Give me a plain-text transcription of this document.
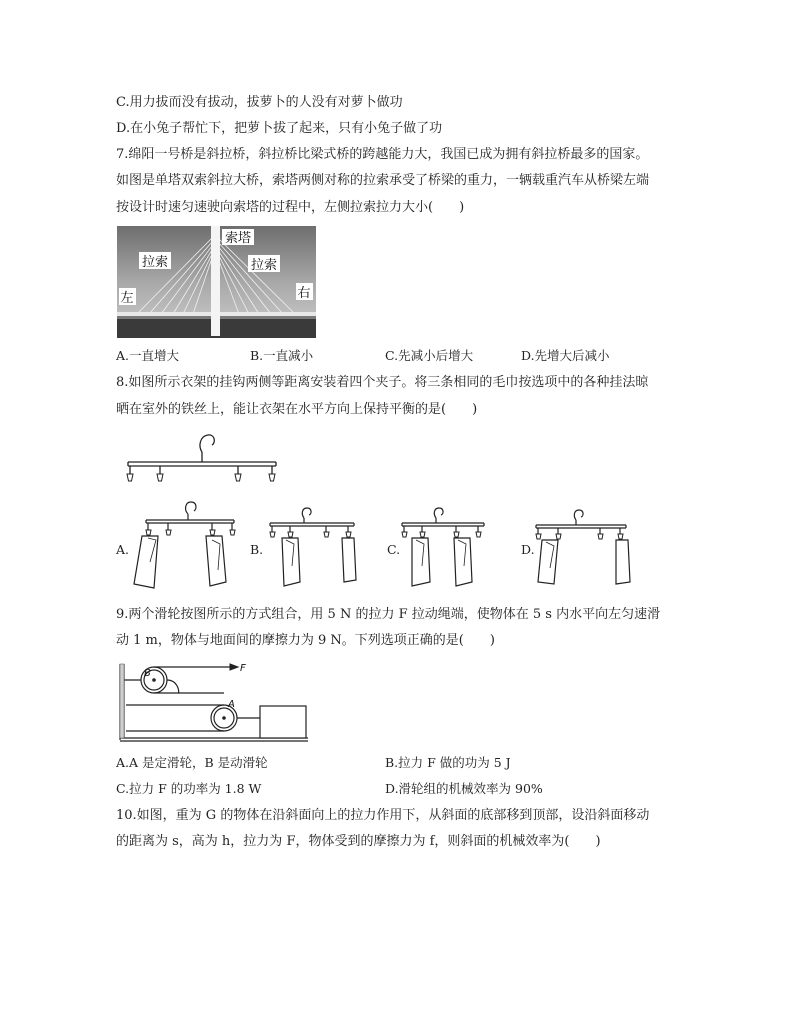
C.用力拔而没有拔动，拔萝卜的人没有对萝卜做功
D.在小兔子帮忙下，把萝卜拔了起来，只有小兔子做了功
7.绵阳一号桥是斜拉桥，斜拉桥比梁式桥的跨越能力大，我国已成为拥有斜拉桥最多的国家。
如图是单塔双索斜拉大桥，索塔两侧对称的拉索承受了桥梁的重力，一辆载重汽车从桥梁左端
按设计时速匀速驶向索塔的过程中，左侧拉索拉力大小(　　)
索塔
拉索	拉索
左	右
A.一直增大	B.一直减小	C.先减小后增大	D.先增大后减小
8.如图所示衣架的挂钩两侧等距离安装着四个夹子。将三条相同的毛巾按选项中的各种挂法晾
晒在室外的铁丝上，能让衣架在水平方向上保持平衡的是(　　)
A.	B.	C.	D.
9.两个滑轮按图所示的方式组合，用 5 N 的拉力 F 拉动绳端，使物体在 5 s 内水平向左匀速滑
动 1 m，物体与地面间的摩擦力为 9 N。下列选项正确的是(　　)
B
A
F
A.A 是定滑轮，B 是动滑轮	B.拉力 F 做的功为 5 J
C.拉力 F 的功率为 1.8 W	D.滑轮组的机械效率为 90%
10.如图，重为 G 的物体在沿斜面向上的拉力作用下，从斜面的底部移到顶部，设沿斜面移动
的距离为 s，高为 h，拉力为 F，物体受到的摩擦力为 f，则斜面的机械效率为(　　)
